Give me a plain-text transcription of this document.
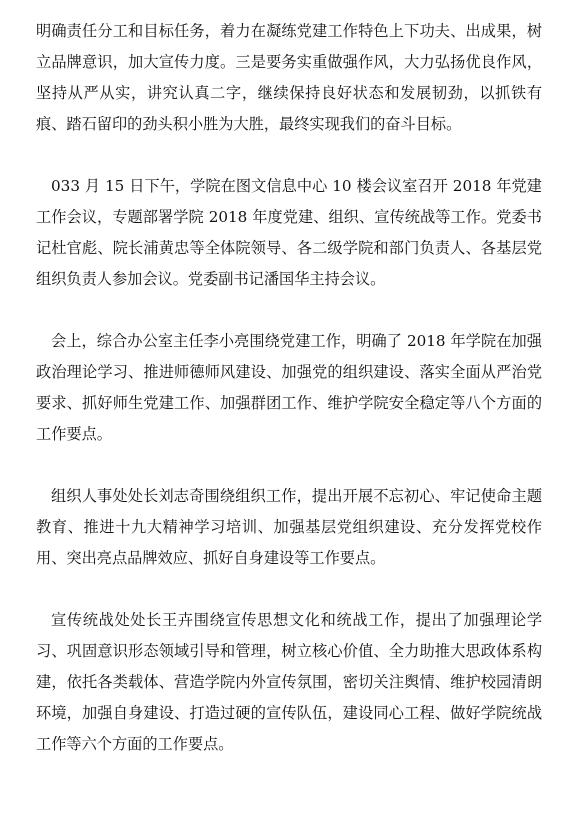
明确责任分工和目标任务，着力在凝练党建工作特色上下功夫、出成果，树立品牌意识，加大宣传力度。三是要务实重做强作风，大力弘扬优良作风，坚持从严从实，讲究认真二字，继续保持良好状态和发展韧劲，以抓铁有痕、踏石留印的劲头积小胜为大胜，最终实现我们的奋斗目标。

033 月 15 日下午，学院在图文信息中心 10 楼会议室召开 2018 年党建工作会议，专题部署学院 2018 年度党建、组织、宣传统战等工作。党委书记杜官彪、院长浦黄忠等全体院领导、各二级学院和部门负责人、各基层党组织负责人参加会议。党委副书记潘国华主持会议。

会上，综合办公室主任李小亮围绕党建工作，明确了 2018 年学院在加强政治理论学习、推进师德师风建设、加强党的组织建设、落实全面从严治党要求、抓好师生党建工作、加强群团工作、维护学院安全稳定等八个方面的工作要点。

组织人事处处长刘志奇围绕组织工作，提出开展不忘初心、牢记使命主题教育、推进十九大精神学习培训、加强基层党组织建设、充分发挥党校作用、突出亮点品牌效应、抓好自身建设等工作要点。

宣传统战处处长王卉围绕宣传思想文化和统战工作，提出了加强理论学习、巩固意识形态领域引导和管理，树立核心价值、全力助推大思政体系构建，依托各类载体、营造学院内外宣传氛围，密切关注舆情、维护校园清朗环境，加强自身建设、打造过硬的宣传队伍，建设同心工程、做好学院统战工作等六个方面的工作要点。
